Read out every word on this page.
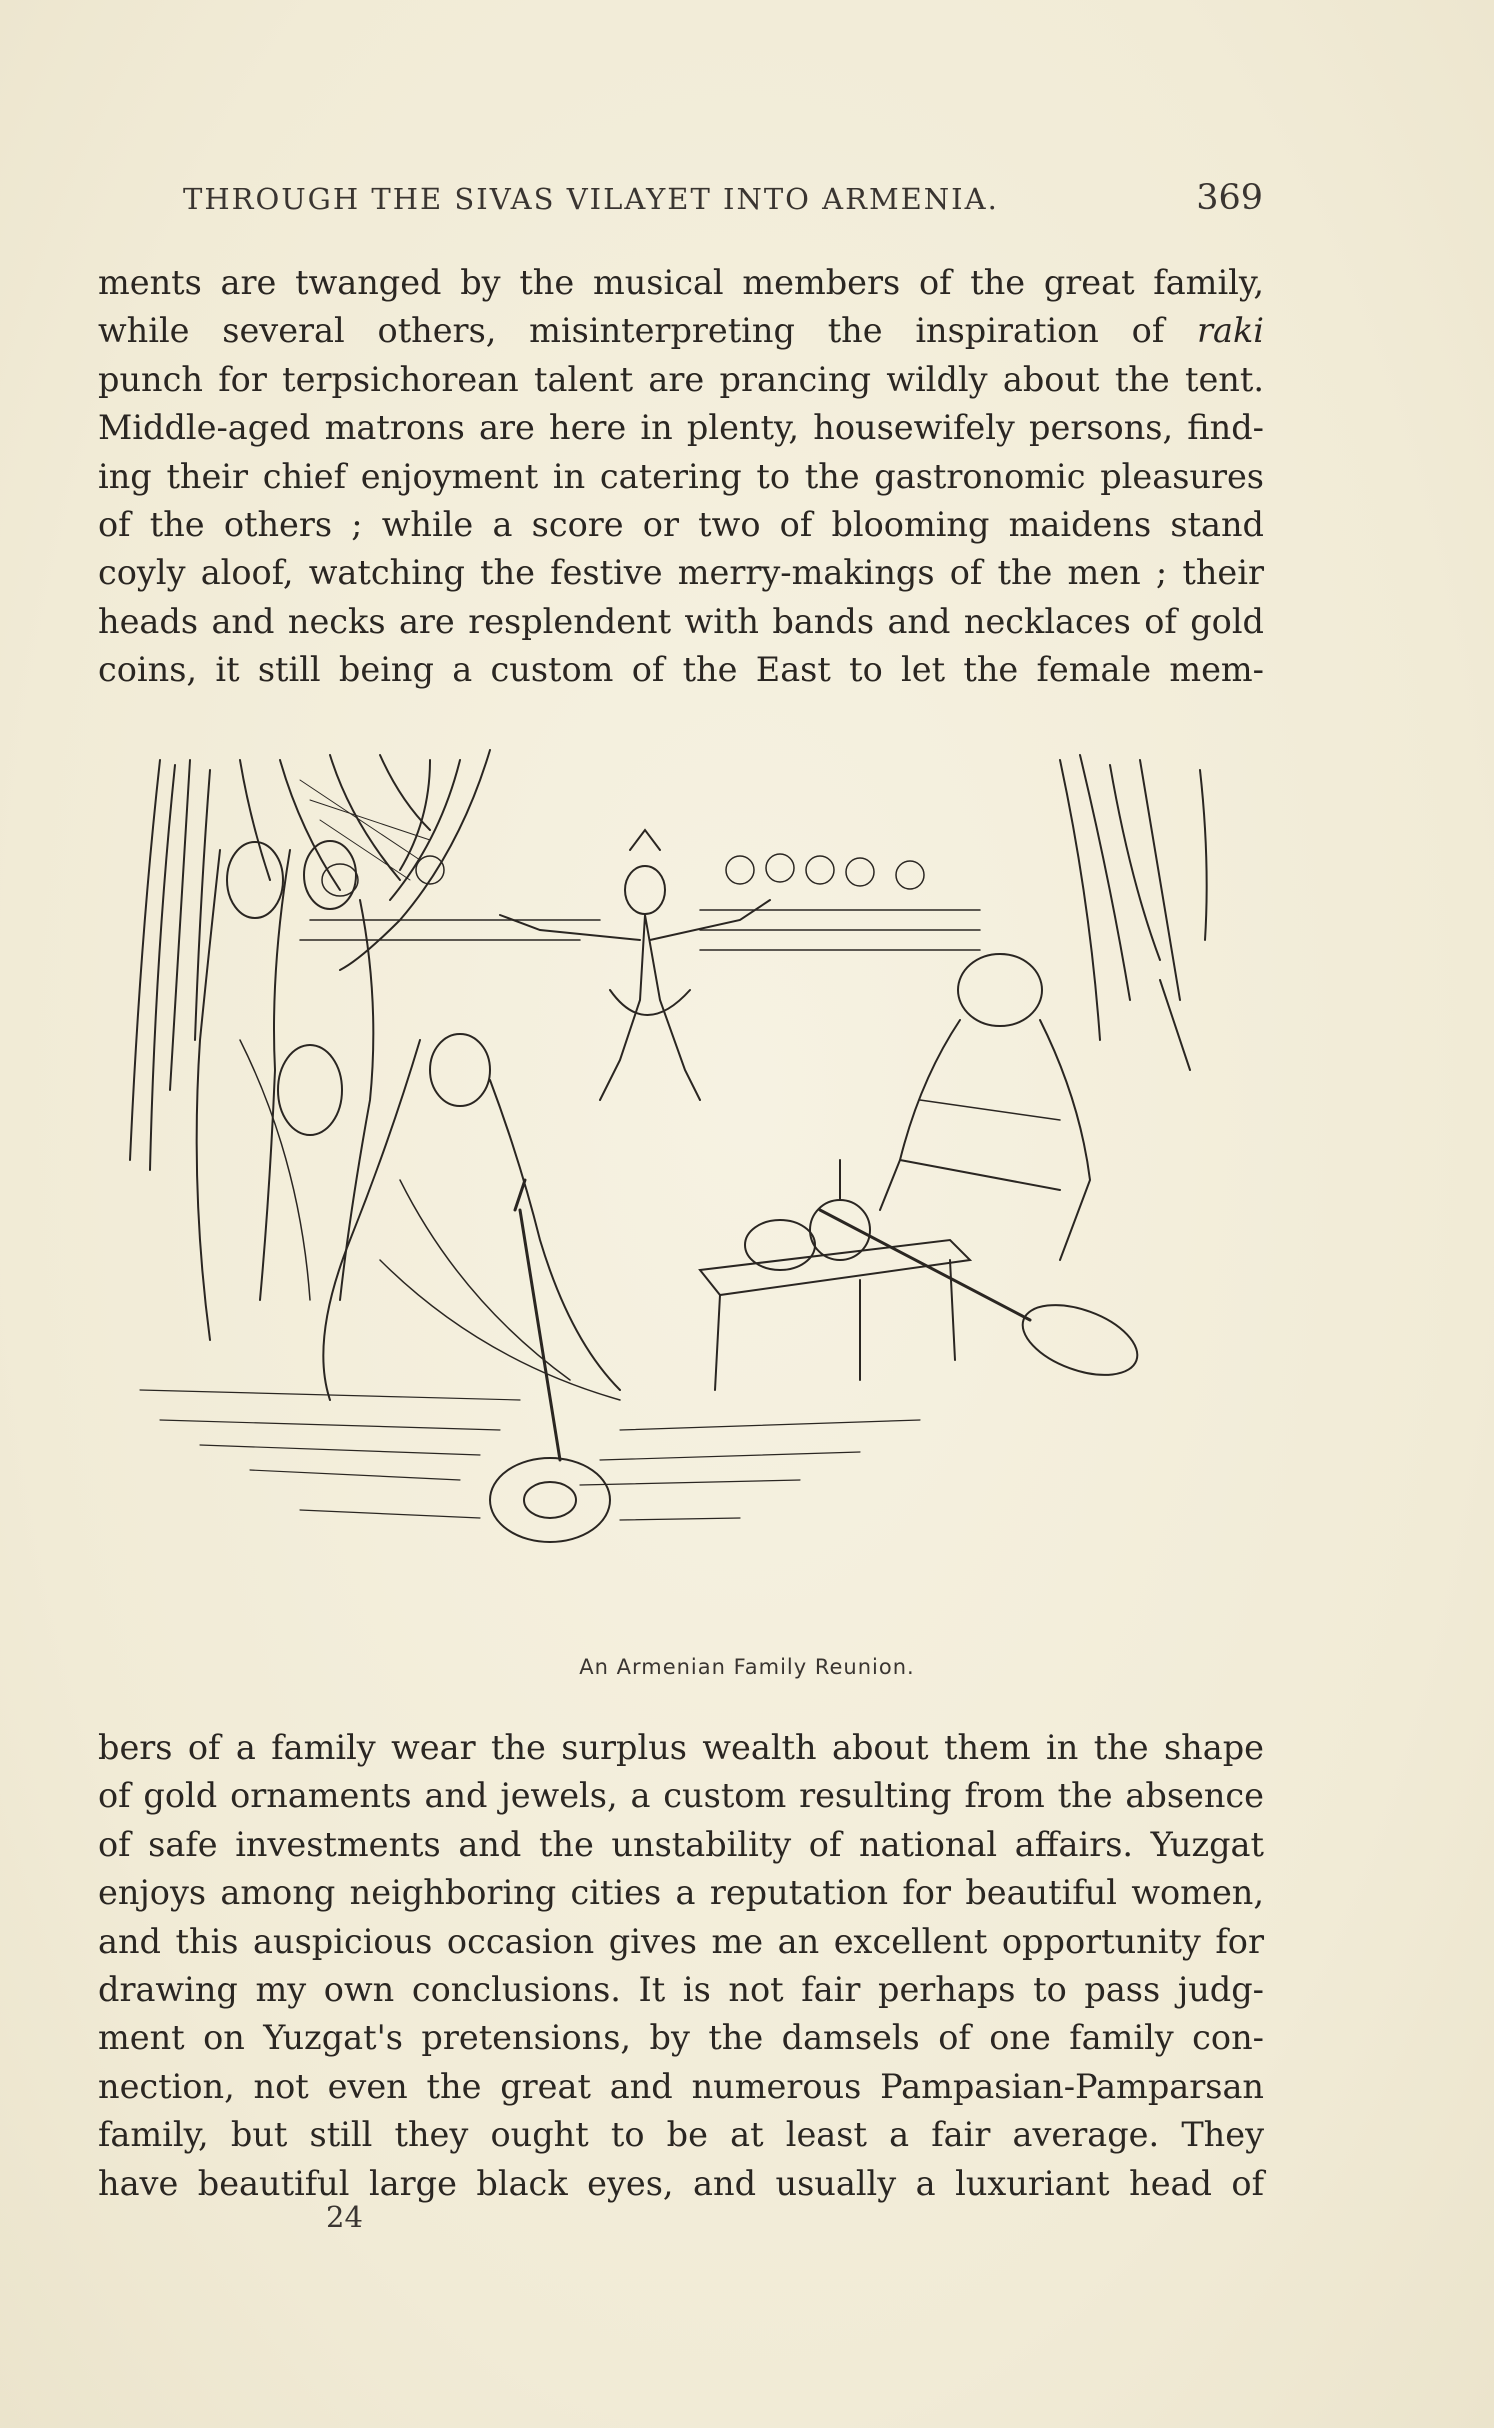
THROUGH THE SIVAS VILAYET INTO ARMENIA.	369
ments are twanged by the musical members of the great family,
while several others, misinterpreting the inspiration of raki
punch for terpsichorean talent are prancing wildly about the tent.
Middle-aged matrons are here in plenty, housewifely persons, find-
ing their chief enjoyment in catering to the gastronomic pleasures
of the others ; while a score or two of blooming maidens stand
coyly aloof, watching the festive merry-makings of the men ; their
heads and necks are resplendent with bands and necklaces of gold
coins, it still being a custom of the East to let the female mem-
An Armenian Family Reunion.
bers of a family wear the surplus wealth about them in the shape
of gold ornaments and jewels, a custom resulting from the absence
of safe investments and the unstability of national affairs. Yuzgat
enjoys among neighboring cities a reputation for beautiful women,
and this auspicious occasion gives me an excellent opportunity for
drawing my own conclusions. It is not fair perhaps to pass judg-
ment on Yuzgat's pretensions, by the damsels of one family con-
nection, not even the great and numerous Pampasian-Pamparsan
family, but still they ought to be at least a fair average. They
have beautiful large black eyes, and usually a luxuriant head of
24
